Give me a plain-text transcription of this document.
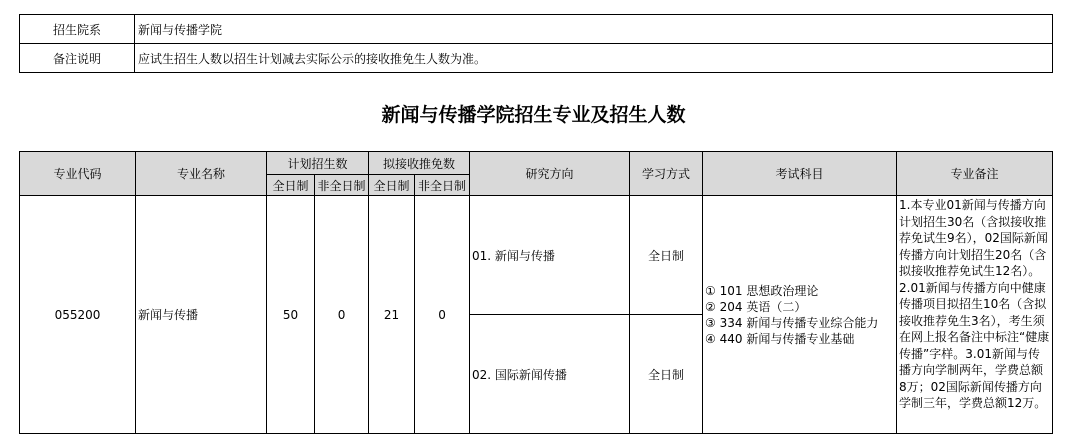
招生院系	新闻与传播学院
备注说明	应试生招生人数以招生计划减去实际公示的接收推免生人数为准。
新闻与传播学院招生专业及招生人数
专业代码	专业名称	计划招生数		拟接收推免数		研究方向	学习方式	考试科目	专业备注
		全日制	非全日制	全日制	非全日制				
055200	新闻与传播	50	0	21	0	01. 新闻与传播	全日制	① 101 思想政治理论
② 204 英语（二）
③ 334 新闻与传播专业综合能力
④ 440 新闻与传播专业基础	1.本专业01新闻与传播方向计划招生30名（含拟接收推荐免试生9名），02国际新闻传播方向计划招生20名（含拟接收推荐免试生12名）。2.01新闻与传播方向中健康传播项目拟招生10名（含拟接收推荐免生3名），考生须在网上报名备注中标注“健康传播”字样。3.01新闻与传播方向学制两年，学费总额8万；02国际新闻传播方向学制三年，学费总额12万。
						02. 国际新闻传播	全日制		
